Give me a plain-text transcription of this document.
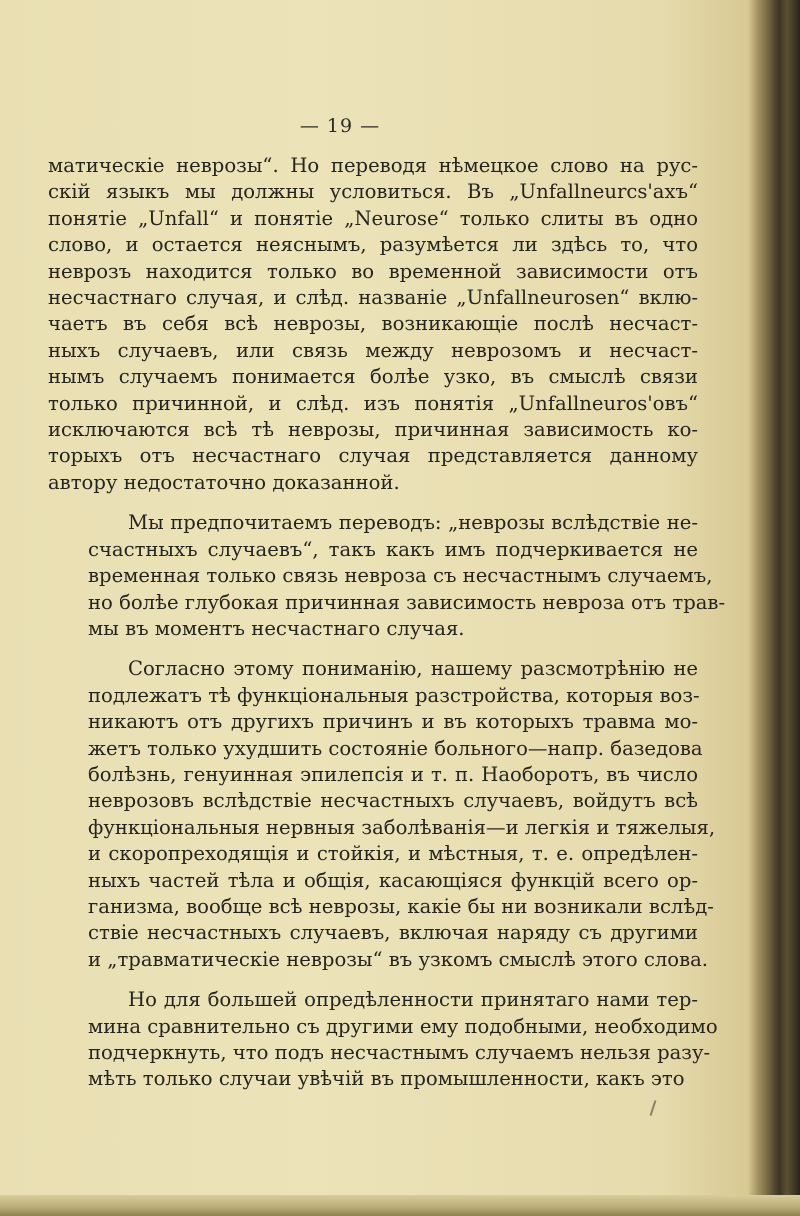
— 19 —

матическіе неврозы“. Но переводя нѣмецкое слово на рус-
скій языкъ мы должны условиться. Въ „Unfallneurcs'ахъ“
понятіе „Unfall“ и понятіе „Neurose“ только слиты въ одно
слово, и остается неяснымъ, разумѣется ли здѣсь то, что
неврозъ находится только во временной зависимости отъ
несчастнаго случая, и слѣд. названіе „Unfallneurosen“ вклю-
чаетъ въ себя всѣ неврозы, возникающіе послѣ несчаст-
ныхъ случаевъ, или связь между неврозомъ и несчаст-
нымъ случаемъ понимается болѣе узко, въ смыслѣ связи
только причинной, и слѣд. изъ понятія „Unfallneuros'овъ“
исключаются всѣ тѣ неврозы, причинная зависимость ко-
торыхъ отъ несчастнаго случая представляется данному
автору недостаточно доказанной.

Мы предпочитаемъ переводъ: „неврозы вслѣдствіе не-
счастныхъ случаевъ“, такъ какъ имъ подчеркивается не
временная только связь невроза съ несчастнымъ случаемъ,
но болѣе глубокая причинная зависимость невроза отъ трав-
мы въ моментъ несчастнаго случая.

Согласно этому пониманію, нашему разсмотрѣнію не
подлежатъ тѣ функціональныя разстройства, которыя воз-
никаютъ отъ другихъ причинъ и въ которыхъ травма мо-
жетъ только ухудшить состояніе больного—напр. базедова
болѣзнь, генуинная эпилепсія и т. п. Наоборотъ, въ число
неврозовъ вслѣдствіе несчастныхъ случаевъ, войдутъ всѣ
функціональныя нервныя заболѣванія—и легкія и тяжелыя,
и скоропреходящія и стойкія, и мѣстныя, т. е. опредѣлен-
ныхъ частей тѣла и общія, касающіяся функцій всего ор-
ганизма, вообще всѣ неврозы, какіе бы ни возникали вслѣд-
ствіе несчастныхъ случаевъ, включая наряду съ другими
и „травматическіе неврозы“ въ узкомъ смыслѣ этого слова.

Но для большей опредѣленности принятаго нами тер-
мина сравнительно съ другими ему подобными, необходимо
подчеркнуть, что подъ несчастнымъ случаемъ нельзя разу-
мѣть только случаи увѣчій въ промышленности, какъ это
